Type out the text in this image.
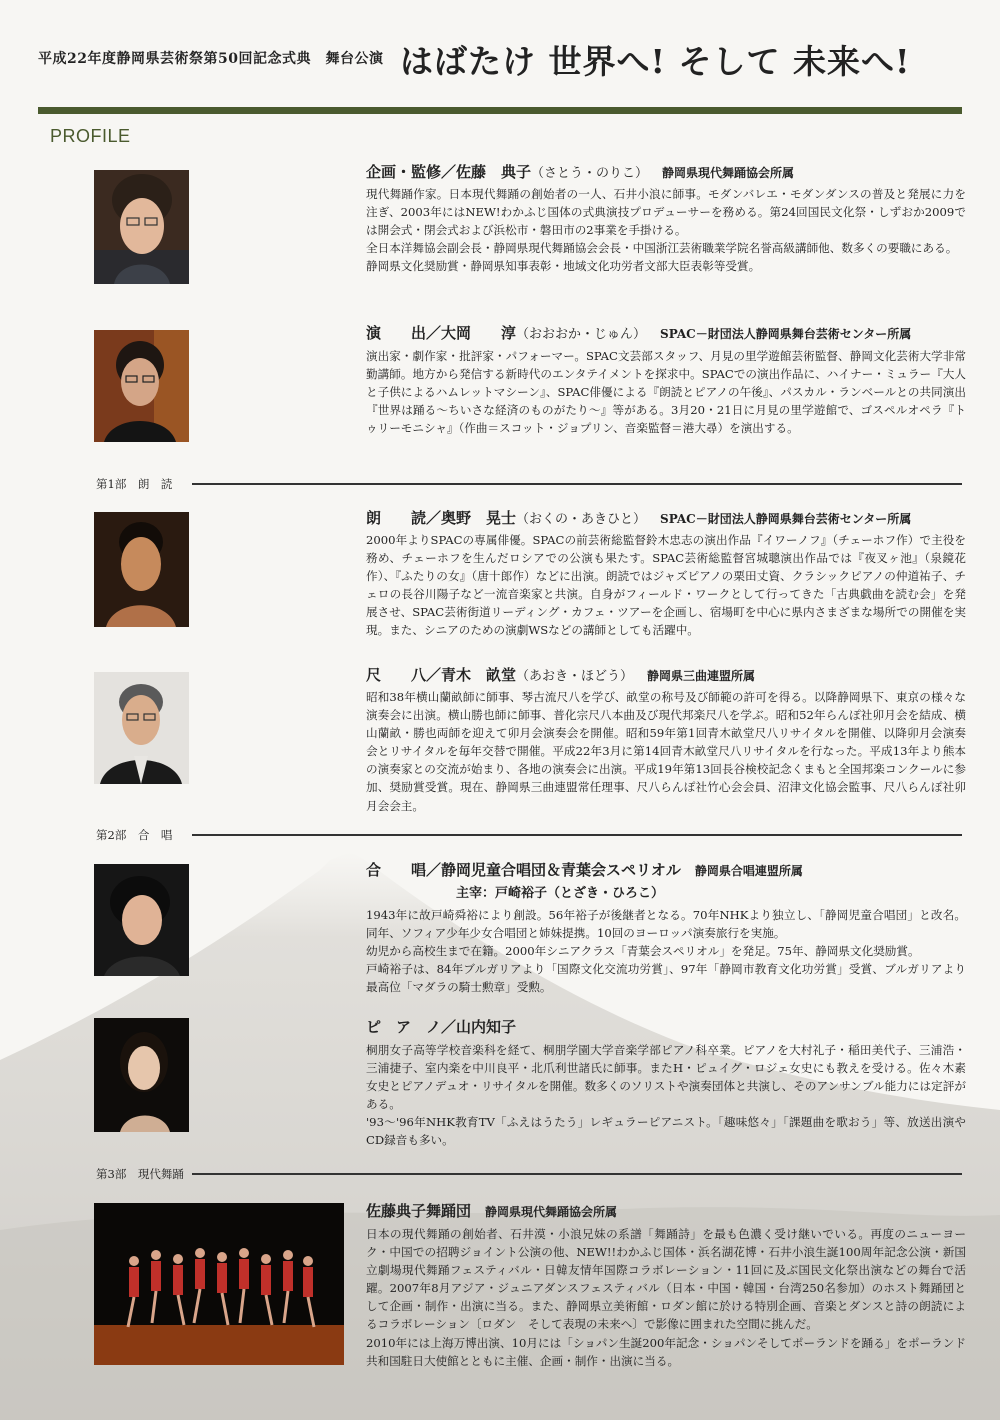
平成22年度静岡県芸術祭第50回記念式典　舞台公演 はばたけ 世界へ! そして 未来へ!
PROFILE
企画・監修／佐藤　典子（さとう・のりこ） 静岡県現代舞踊協会所属

現代舞踊作家。日本現代舞踊の創始者の一人、石井小浪に師事。モダンバレエ・モダンダンスの普及と発展に力を注ぎ、2003年にはNEW!わかふじ国体の式典演技プロデューサーを務める。第24回国民文化祭・しずおか2009では開会式・閉会式および浜松市・磐田市の2事業を手掛ける。

全日本洋舞協会副会長・静岡県現代舞踊協会会長・中国浙江芸術職業学院名誉高級講師他、数多くの要職にある。

静岡県文化奨励賞・静岡県知事表彰・地域文化功労者文部大臣表彰等受賞。

演　　出／大岡　　淳（おおおか・じゅん） SPAC－財団法人静岡県舞台芸術センター所属

演出家・劇作家・批評家・パフォーマー。SPAC文芸部スタッフ、月見の里学遊館芸術監督、静岡文化芸術大学非常勤講師。地方から発信する新時代のエンタテイメントを探求中。SPACでの演出作品に、ハイナー・ミュラー『大人と子供によるハムレットマシーン』、SPAC俳優による『朗読とピアノの午後』、パスカル・ランベールとの共同演出『世界は踊る～ちいさな経済のものがたり～』等がある。3月20・21日に月見の里学遊館で、ゴスペルオペラ『トゥリーモニシャ』（作曲＝スコット・ジョプリン、音楽監督＝港大尋）を演出する。

第1部　朗　読
朗　　読／奥野　晃士（おくの・あきひと） SPAC－財団法人静岡県舞台芸術センター所属

2000年よりSPACの専属俳優。SPACの前芸術総監督鈴木忠志の演出作品『イワーノフ』（チェーホフ作）で主役を務め、チェーホフを生んだロシアでの公演も果たす。SPAC芸術総監督宮城聰演出作品では『夜叉ヶ池』（泉鏡花作）、『ふたりの女』（唐十郎作）などに出演。朗読ではジャズピアノの栗田丈資、クラシックピアノの仲道祐子、チェロの長谷川陽子など一流音楽家と共演。自身がフィールド・ワークとして行ってきた「古典戯曲を読む会」を発展させ、SPAC芸術街道リーディング・カフェ・ツアーを企画し、宿場町を中心に県内さまざまな場所での開催を実現。また、シニアのための演劇WSなどの講師としても活躍中。

尺　　八／青木　畝堂（あおき・ほどう） 静岡県三曲連盟所属

昭和38年横山蘭畝師に師事、琴古流尺八を学び、畝堂の称号及び師範の許可を得る。以降静岡県下、東京の様々な演奏会に出演。横山勝也師に師事、普化宗尺八本曲及び現代邦楽尺八を学ぶ。昭和52年らんぽ社卯月会を結成、横山蘭畝・勝也両師を迎えて卯月会演奏会を開催。昭和59年第1回青木畝堂尺八リサイタルを開催、以降卯月会演奏会とリサイタルを毎年交替で開催。平成22年3月に第14回青木畝堂尺八リサイタルを行なった。平成13年より熊本の演奏家との交流が始まり、各地の演奏会に出演。平成19年第13回長谷検校記念くまもと全国邦楽コンクールに参加、奨励賞受賞。現在、静岡県三曲連盟常任理事、尺八らんぽ社竹心会会員、沼津文化協会監事、尺八らんぽ社卯月会会主。

第2部　合　唱
合　　唱／静岡児童合唱団＆青葉会スペリオル 静岡県合唱連盟所属
主宰：戸崎裕子（とざき・ひろこ）

1943年に故戸崎舜裕により創設。56年裕子が後継者となる。70年NHKより独立し、「静岡児童合唱団」と改名。同年、ソフィア少年少女合唱団と姉妹提携。10回のヨーロッパ演奏旅行を実施。

幼児から高校生まで在籍。2000年シニアクラス「青葉会スペリオル」を発足。75年、静岡県文化奨励賞。

戸崎裕子は、84年ブルガリアより「国際文化交流功労賞」、97年「静岡市教育文化功労賞」受賞、ブルガリアより最高位「マダラの騎士勲章」受勲。

ピ　ア　ノ／山内知子

桐朋女子高等学校音楽科を経て、桐朋学園大学音楽学部ピアノ科卒業。ピアノを大村礼子・稲田美代子、三浦浩・三浦捷子、室内楽を中川良平・北爪利世諸氏に師事。またH・ピュイグ・ロジェ女史にも教えを受ける。佐々木素女史とピアノデュオ・リサイタルを開催。数多くのソリストや演奏団体と共演し、そのアンサンブル能力には定評がある。

'93～'96年NHK教育TV「ふえはうたう」レギュラーピアニスト。「趣味悠々」「課題曲を歌おう」等、放送出演やCD録音も多い。

第3部　現代舞踊
佐藤典子舞踊団 静岡県現代舞踊協会所属

日本の現代舞踊の創始者、石井漠・小浪兄妹の系譜「舞踊詩」を最も色濃く受け継いでいる。再度のニューヨーク・中国での招聘ジョイント公演の他、NEW!!わかふじ国体・浜名湖花博・石井小浪生誕100周年記念公演・新国立劇場現代舞踊フェスティバル・日韓友情年国際コラボレーション・11回に及ぶ国民文化祭出演などの舞台で活躍。2007年8月アジア・ジュニアダンスフェスティバル（日本・中国・韓国・台湾250名参加）のホスト舞踊団として企画・制作・出演に当る。また、静岡県立美術館・ロダン館に於ける特別企画、音楽とダンスと詩の朗読によるコラボレーション〔ロダン　そして表現の未来へ〕で影像に囲まれた空間に挑んだ。

2010年には上海万博出演、10月には「ショパン生誕200年記念・ショパンそしてポーランドを踊る」をポーランド共和国駐日大使館とともに主催、企画・制作・出演に当る。
